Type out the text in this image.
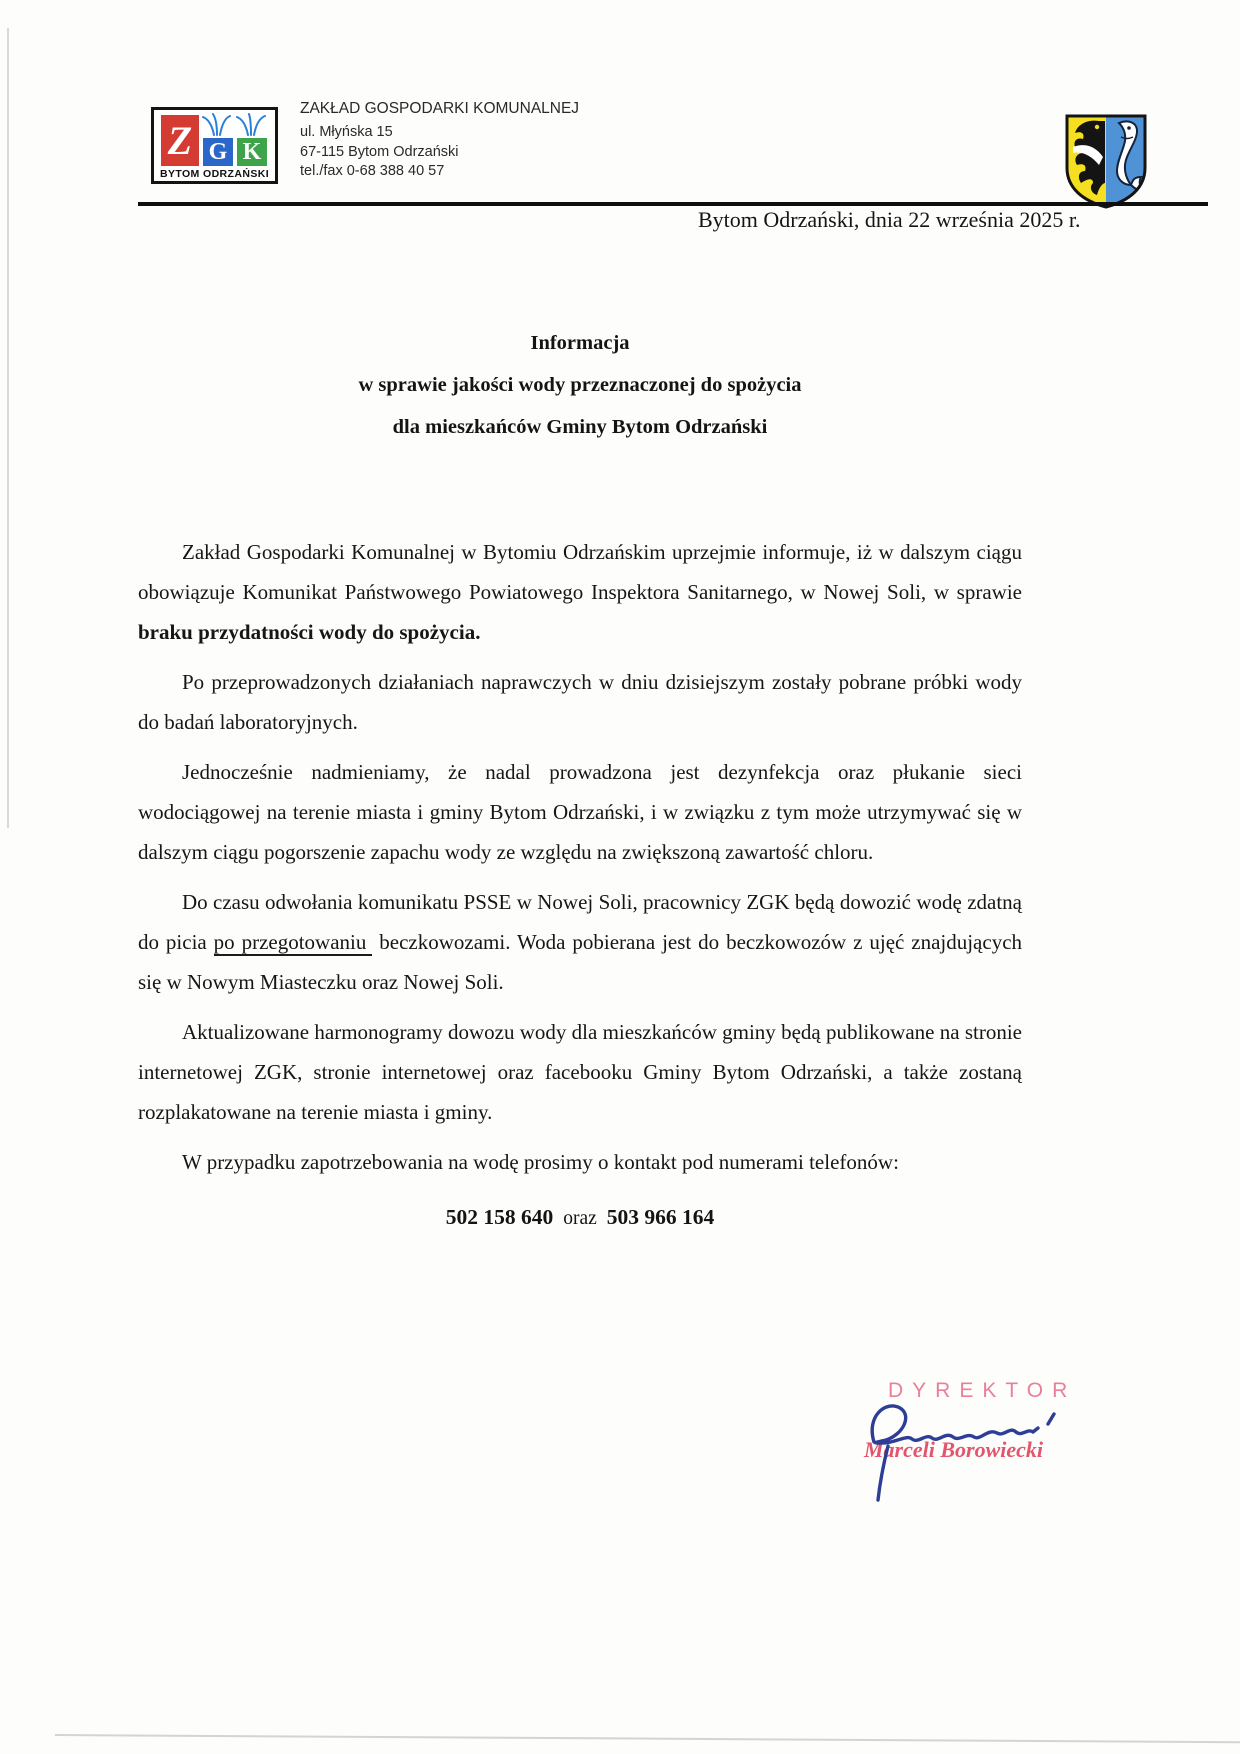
Z G K
BYTOM ODRZAŃSKI
ZAKŁAD GOSPODARKI KOMUNALNEJ
ul. Młyńska 15
67-115 Bytom Odrzański
tel./fax 0-68 388 40 57
Bytom Odrzański, dnia 22 września 2025 r.
Informacja
w sprawie jakości wody przeznaczonej do spożycia
dla mieszkańców Gminy Bytom Odrzański

Zakład Gospodarki Komunalnej w Bytomiu Odrzańskim uprzejmie informuje, iż w dalszym ciągu obowiązuje Komunikat Państwowego Powiatowego Inspektora Sanitarnego, w Nowej Soli, w sprawie braku przydatności wody do spożycia.

Po przeprowadzonych działaniach naprawczych w dniu dzisiejszym zostały pobrane próbki wody do badań laboratoryjnych.

Jednocześnie nadmieniamy, że nadal prowadzona jest dezynfekcja oraz płukanie sieci wodociągowej na terenie miasta i gminy Bytom Odrzański, i w związku z tym może utrzymywać się w dalszym ciągu pogorszenie zapachu wody ze względu na zwiększoną zawartość chloru.

Do czasu odwołania komunikatu PSSE w Nowej Soli, pracownicy ZGK będą dowozić wodę zdatną do picia po przegotowaniu beczkowozami. Woda pobierana jest do beczkowozów z ujęć znajdujących się w Nowym Miasteczku oraz Nowej Soli.

Aktualizowane harmonogramy dowozu wody dla mieszkańców gminy będą publikowane na stronie internetowej ZGK, stronie internetowej oraz facebooku Gminy Bytom Odrzański, a także zostaną rozplakatowane na terenie miasta i gminy.

W przypadku zapotrzebowania na wodę prosimy o kontakt pod numerami telefonów:

502 158 640 oraz 503 966 164
DYREKTOR
Marceli Borowiecki
